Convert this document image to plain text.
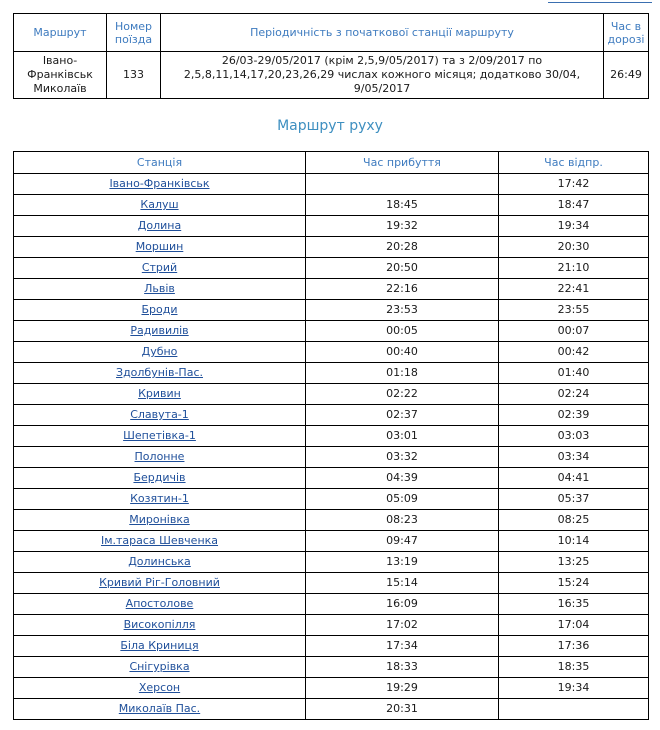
Маршрут	Номер поїзда	Періодичність з початкової станції маршруту	Час в дорозі
Івано-Франківськ Миколаїв	133	26/03-29/05/2017 (крім 2,5,9/05/2017) та з 2/09/2017 по 2,5,8,11,14,17,20,23,26,29 числах кожного місяця; додатково 30/04, 9/05/2017	26:49
Маршрут руху
Станція	Час прибуття	Час відпр.
Івано-Франківськ		17:42
Калуш	18:45	18:47
Долина	19:32	19:34
Моршин	20:28	20:30
Стрий	20:50	21:10
Львів	22:16	22:41
Броди	23:53	23:55
Радивилів	00:05	00:07
Дубно	00:40	00:42
Здолбунів-Пас.	01:18	01:40
Кривин	02:22	02:24
Славута-1	02:37	02:39
Шепетівка-1	03:01	03:03
Полонне	03:32	03:34
Бердичів	04:39	04:41
Козятин-1	05:09	05:37
Миронівка	08:23	08:25
Ім.тараса Шевченка	09:47	10:14
Долинська	13:19	13:25
Кривий Ріг-Головний	15:14	15:24
Апостолове	16:09	16:35
Високопілля	17:02	17:04
Біла Криниця	17:34	17:36
Снігурівка	18:33	18:35
Херсон	19:29	19:34
Миколаїв Пас.	20:31	
